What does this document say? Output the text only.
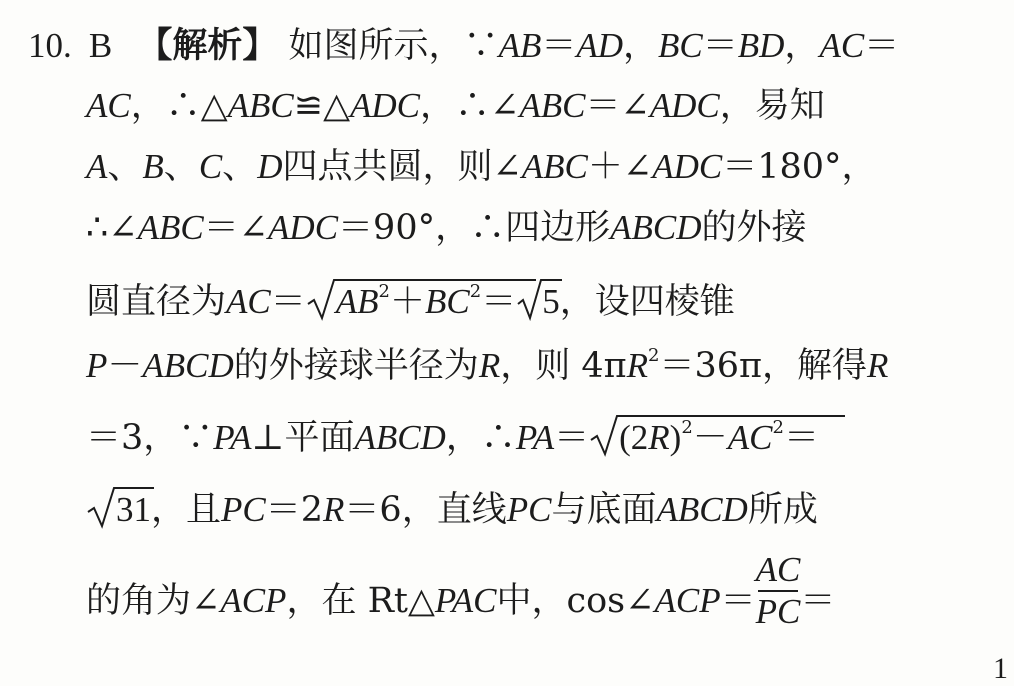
10. B 【解析】 如图所示，∵AB＝AD，BC＝BD，AC＝
AC，∴△ABC≌△ADC，∴∠ABC＝∠ADC，易知
A、B、C、D四点共圆，则∠ABC＋∠ADC＝180°，
∴∠ABC＝∠ADC＝90°，∴四边形ABCD的外接
圆直径为AC＝
$AB^2+BC^2=$
5，设四棱锥
P－ABCD的外接球半径为R，则 $4\pi R^2=36\pi$，解得R
＝3，∵PA⊥平面ABCD，∴PA＝ $(2R)^2-AC^2=$
31，且PC＝2R＝6，直线PC与底面ABCD所成
的角为∠ACP，在 Rt△PAC中，cos∠ACP＝ $\frac{AC}{PC}$ ＝
1
